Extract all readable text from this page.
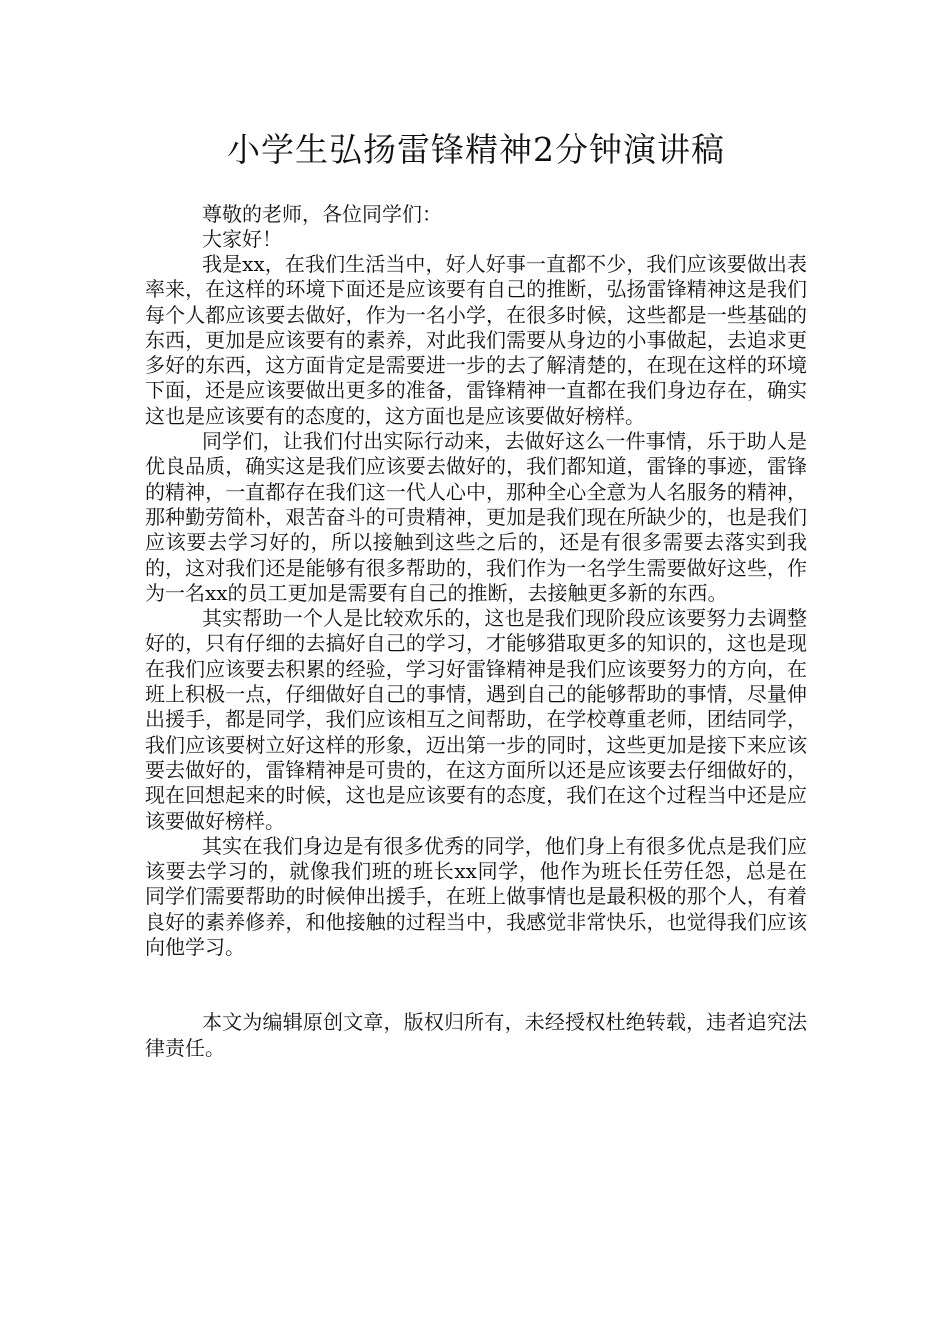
小学生弘扬雷锋精神2分钟演讲稿

尊敬的老师，各位同学们：

大家好！

我是xx，在我们生活当中，好人好事一直都不少，我们应该要做出表率来，在这样的环境下面还是应该要有自己的推断，弘扬雷锋精神这是我们每个人都应该要去做好，作为一名小学，在很多时候，这些都是一些基础的东西，更加是应该要有的素养，对此我们需要从身边的小事做起，去追求更多好的东西，这方面肯定是需要进一步的去了解清楚的，在现在这样的环境下面，还是应该要做出更多的准备，雷锋精神一直都在我们身边存在，确实这也是应该要有的态度的，这方面也是应该要做好榜样。

同学们，让我们付出实际行动来，去做好这么一件事情，乐于助人是优良品质，确实这是我们应该要去做好的，我们都知道，雷锋的事迹，雷锋的精神，一直都存在我们这一代人心中，那种全心全意为人名服务的精神，那种勤劳简朴，艰苦奋斗的可贵精神，更加是我们现在所缺少的，也是我们应该要去学习好的，所以接触到这些之后的，还是有很多需要去落实到我的，这对我们还是能够有很多帮助的，我们作为一名学生需要做好这些，作为一名xx的员工更加是需要有自己的推断，去接触更多新的东西。

其实帮助一个人是比较欢乐的，这也是我们现阶段应该要努力去调整好的，只有仔细的去搞好自己的学习，才能够猎取更多的知识的，这也是现在我们应该要去积累的经验，学习好雷锋精神是我们应该要努力的方向，在班上积极一点，仔细做好自己的事情，遇到自己的能够帮助的事情，尽量伸出援手，都是同学，我们应该相互之间帮助，在学校尊重老师，团结同学，我们应该要树立好这样的形象，迈出第一步的同时，这些更加是接下来应该要去做好的，雷锋精神是可贵的，在这方面所以还是应该要去仔细做好的，现在回想起来的时候，这也是应该要有的态度，我们在这个过程当中还是应该要做好榜样。

其实在我们身边是有很多优秀的同学，他们身上有很多优点是我们应该要去学习的，就像我们班的班长xx同学，他作为班长任劳任怨，总是在同学们需要帮助的时候伸出援手，在班上做事情也是最积极的那个人，有着良好的素养修养，和他接触的过程当中，我感觉非常快乐，也觉得我们应该向他学习。

本文为编辑原创文章，版权归所有，未经授权杜绝转载，违者追究法律责任。
